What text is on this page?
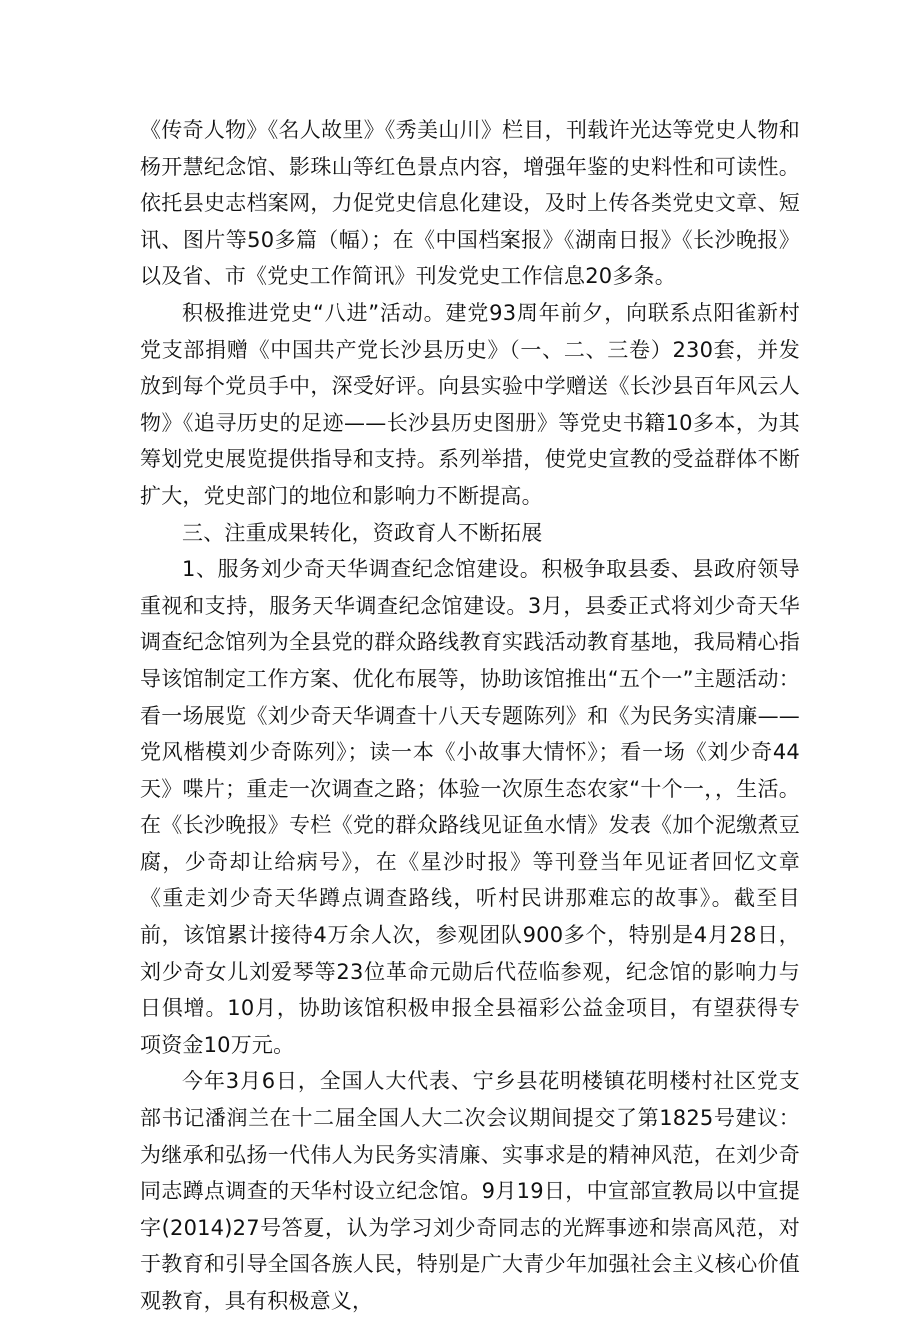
《传奇人物》《名人故里》《秀美山川》栏目，刊载许光达等党史人物和杨开慧纪念馆、影珠山等红色景点内容，增强年鉴的史料性和可读性。依托县史志档案网，力促党史信息化建设，及时上传各类党史文章、短讯、图片等50多篇（幅）；在《中国档案报》《湖南日报》《长沙晚报》以及省、市《党史工作简讯》刊发党史工作信息20多条。

积极推进党史“八进”活动。建党93周年前夕，向联系点阳雀新村党支部捐赠《中国共产党长沙县历史》（一、二、三卷）230套，并发放到每个党员手中，深受好评。向县实验中学赠送《长沙县百年风云人物》《追寻历史的足迹——长沙县历史图册》等党史书籍10多本，为其筹划党史展览提供指导和支持。系列举措，使党史宣教的受益群体不断扩大，党史部门的地位和影响力不断提高。

三、注重成果转化，资政育人不断拓展

1、服务刘少奇天华调查纪念馆建设。积极争取县委、县政府领导重视和支持，服务天华调查纪念馆建设。3月，县委正式将刘少奇天华调查纪念馆列为全县党的群众路线教育实践活动教育基地，我局精心指导该馆制定工作方案、优化布展等，协助该馆推出“五个一”主题活动：看一场展览《刘少奇天华调查十八天专题陈列》和《为民务实清廉——党风楷模刘少奇陈列》；读一本《小故事大情怀》；看一场《刘少奇44天》喋片；重走一次调查之路；体验一次原生态农家“十个一，，生活。在《长沙晚报》专栏《党的群众路线见证鱼水情》发表《加个泥缴煮豆腐，少奇却让给病号》，在《星沙时报》等刊登当年见证者回忆文章《重走刘少奇天华蹲点调查路线，听村民讲那难忘的故事》。截至目前，该馆累计接待4万余人次，参观团队900多个，特别是4月28日，刘少奇女儿刘爱琴等23位革命元勋后代莅临参观，纪念馆的影响力与日俱增。10月，协助该馆积极申报全县福彩公益金项目，有望获得专项资金10万元。

今年3月6日，全国人大代表、宁乡县花明楼镇花明楼村社区党支部书记潘润兰在十二届全国人大二次会议期间提交了第1825号建议：为继承和弘扬一代伟人为民务实清廉、实事求是的精神风范，在刘少奇同志蹲点调查的天华村设立纪念馆。9月19日，中宣部宣教局以中宣提字(2014)27号答夏，认为学习刘少奇同志的光辉事迹和崇高风范，对于教育和引导全国各族人民，特别是广大青少年加强社会主义核心价值观教育，具有积极意义，
